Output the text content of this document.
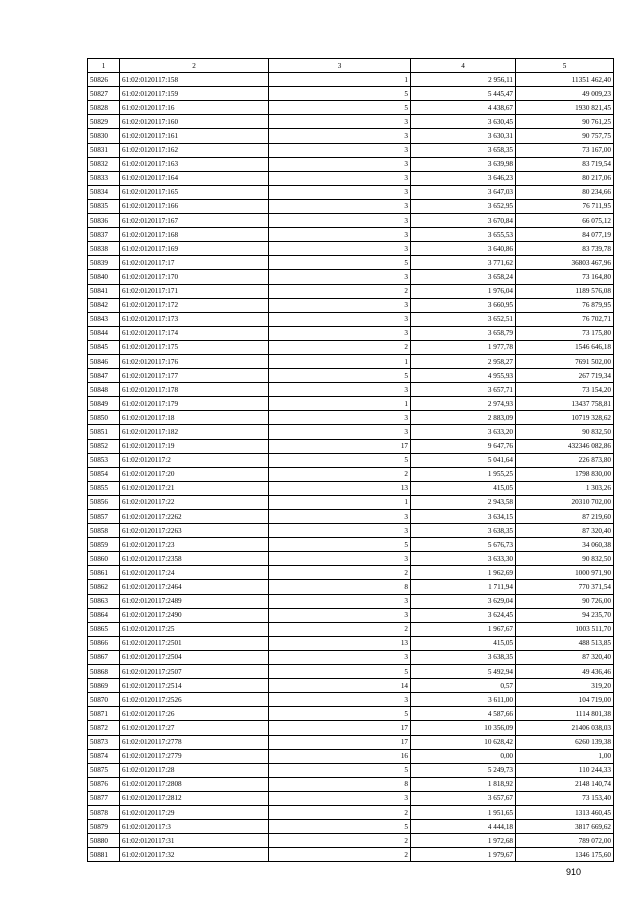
1	2	3	4	5
50826	61:02:0120117:158	1	2 956,11	11351 462,40
50827	61:02:0120117:159	5	5 445,47	49 009,23
50828	61:02:0120117:16	5	4 438,67	1930 821,45
50829	61:02:0120117:160	3	3 630,45	90 761,25
50830	61:02:0120117:161	3	3 630,31	90 757,75
50831	61:02:0120117:162	3	3 658,35	73 167,00
50832	61:02:0120117:163	3	3 639,98	83 719,54
50833	61:02:0120117:164	3	3 646,23	80 217,06
50834	61:02:0120117:165	3	3 647,03	80 234,66
50835	61:02:0120117:166	3	3 652,95	76 711,95
50836	61:02:0120117:167	3	3 670,84	66 075,12
50837	61:02:0120117:168	3	3 655,53	84 077,19
50838	61:02:0120117:169	3	3 640,86	83 739,78
50839	61:02:0120117:17	5	3 771,62	36803 467,96
50840	61:02:0120117:170	3	3 658,24	73 164,80
50841	61:02:0120117:171	2	1 976,04	1189 576,08
50842	61:02:0120117:172	3	3 660,95	76 879,95
50843	61:02:0120117:173	3	3 652,51	76 702,71
50844	61:02:0120117:174	3	3 658,79	73 175,80
50845	61:02:0120117:175	2	1 977,78	1546 646,18
50846	61:02:0120117:176	1	2 958,27	7691 502,00
50847	61:02:0120117:177	5	4 955,93	267 719,34
50848	61:02:0120117:178	3	3 657,71	73 154,20
50849	61:02:0120117:179	1	2 974,93	13437 758,81
50850	61:02:0120117:18	3	2 883,09	10719 328,62
50851	61:02:0120117:182	3	3 633,20	90 832,50
50852	61:02:0120117:19	17	9 647,76	432346 082,86
50853	61:02:0120117:2	5	5 041,64	226 873,80
50854	61:02:0120117:20	2	1 955,25	1798 830,00
50855	61:02:0120117:21	13	415,05	1 303,26
50856	61:02:0120117:22	1	2 943,58	20310 702,00
50857	61:02:0120117:2262	3	3 634,15	87 219,60
50858	61:02:0120117:2263	3	3 638,35	87 320,40
50859	61:02:0120117:23	5	5 676,73	34 060,38
50860	61:02:0120117:2358	3	3 633,30	90 832,50
50861	61:02:0120117:24	2	1 962,69	1000 971,90
50862	61:02:0120117:2464	8	1 711,94	770 371,54
50863	61:02:0120117:2489	3	3 629,04	90 726,00
50864	61:02:0120117:2490	3	3 624,45	94 235,70
50865	61:02:0120117:25	2	1 967,67	1003 511,70
50866	61:02:0120117:2501	13	415,05	488 513,85
50867	61:02:0120117:2504	3	3 638,35	87 320,40
50868	61:02:0120117:2507	5	5 492,94	49 436,46
50869	61:02:0120117:2514	14	0,57	319,20
50870	61:02:0120117:2526	3	3 611,00	104 719,00
50871	61:02:0120117:26	5	4 587,66	1114 801,38
50872	61:02:0120117:27	17	10 356,09	21406 038,03
50873	61:02:0120117:2778	17	10 628,42	6260 139,38
50874	61:02:0120117:2779	16	0,00	1,00
50875	61:02:0120117:28	5	5 249,73	110 244,33
50876	61:02:0120117:2808	8	1 818,92	2148 140,74
50877	61:02:0120117:2812	3	3 657,67	73 153,40
50878	61:02:0120117:29	2	1 951,65	1313 460,45
50879	61:02:0120117:3	5	4 444,18	3817 669,62
50880	61:02:0120117:31	2	1 972,68	789 072,00
50881	61:02:0120117:32	2	1 979,67	1346 175,60
910
